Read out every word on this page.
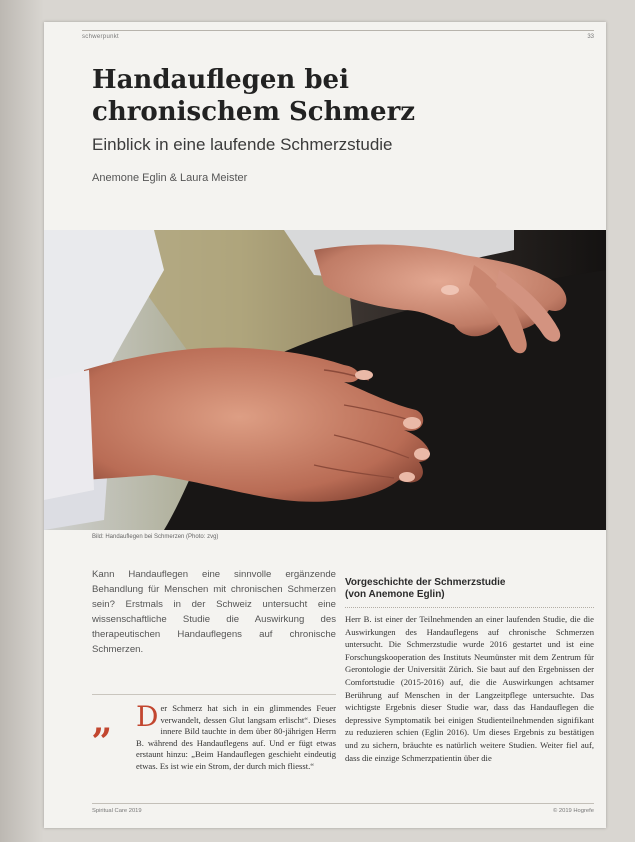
schwerpunkt	33
Handauflegen bei
chronischem Schmerz
Einblick in eine laufende Schmerzstudie
Anemone Eglin & Laura Meister
Bild: Handauflegen bei Schmerzen (Photo: zvg)

Kann Handauflegen eine sinnvolle ergänzende Behandlung für Menschen mit chronischen Schmerzen sein? Erstmals in der Schweiz untersucht eine wissenschaftliche Studie die Auswirkung des therapeutischen Handauflegens auf chronische Schmerzen.

„ Der Schmerz hat sich in ein glimmendes Feuer verwandelt, dessen Glut langsam erlischt“. Dieses innere Bild tauchte in dem über 80-jährigen Herrn B. während des Handauflegens auf. Und er fügt etwas erstaunt hinzu: „Beim Handauflegen geschieht eindeutig etwas. Es ist wie ein Strom, der durch mich fliesst.“

Vorgeschichte der Schmerzstudie
(von Anemone Eglin)

Herr B. ist einer der Teilnehmenden an einer laufenden Studie, die die Auswirkungen des Handauflegens auf chronische Schmerzen untersucht. Die Schmerzstudie wurde 2016 gestartet und ist eine Forschungskooperation des Instituts Neumünster mit dem Zentrum für Gerontologie der Universität Zürich. Sie baut auf den Ergebnissen der Comfortstudie (2015-2016) auf, die die Auswirkungen achtsamer Berührung auf Menschen in der Langzeitpflege untersuchte. Das wichtigste Ergebnis dieser Studie war, dass das Handauflegen die depressive Symptomatik bei einigen Studienteilnehmenden signifikant zu reduzieren schien (Eglin 2016). Um dieses Ergebnis zu bestätigen und zu sichern, bräuchte es natürlich weitere Studien. Weiter fiel auf, dass die einzige Schmerzpatientin über die

Spiritual Care 2019	© 2019 Hogrefe
